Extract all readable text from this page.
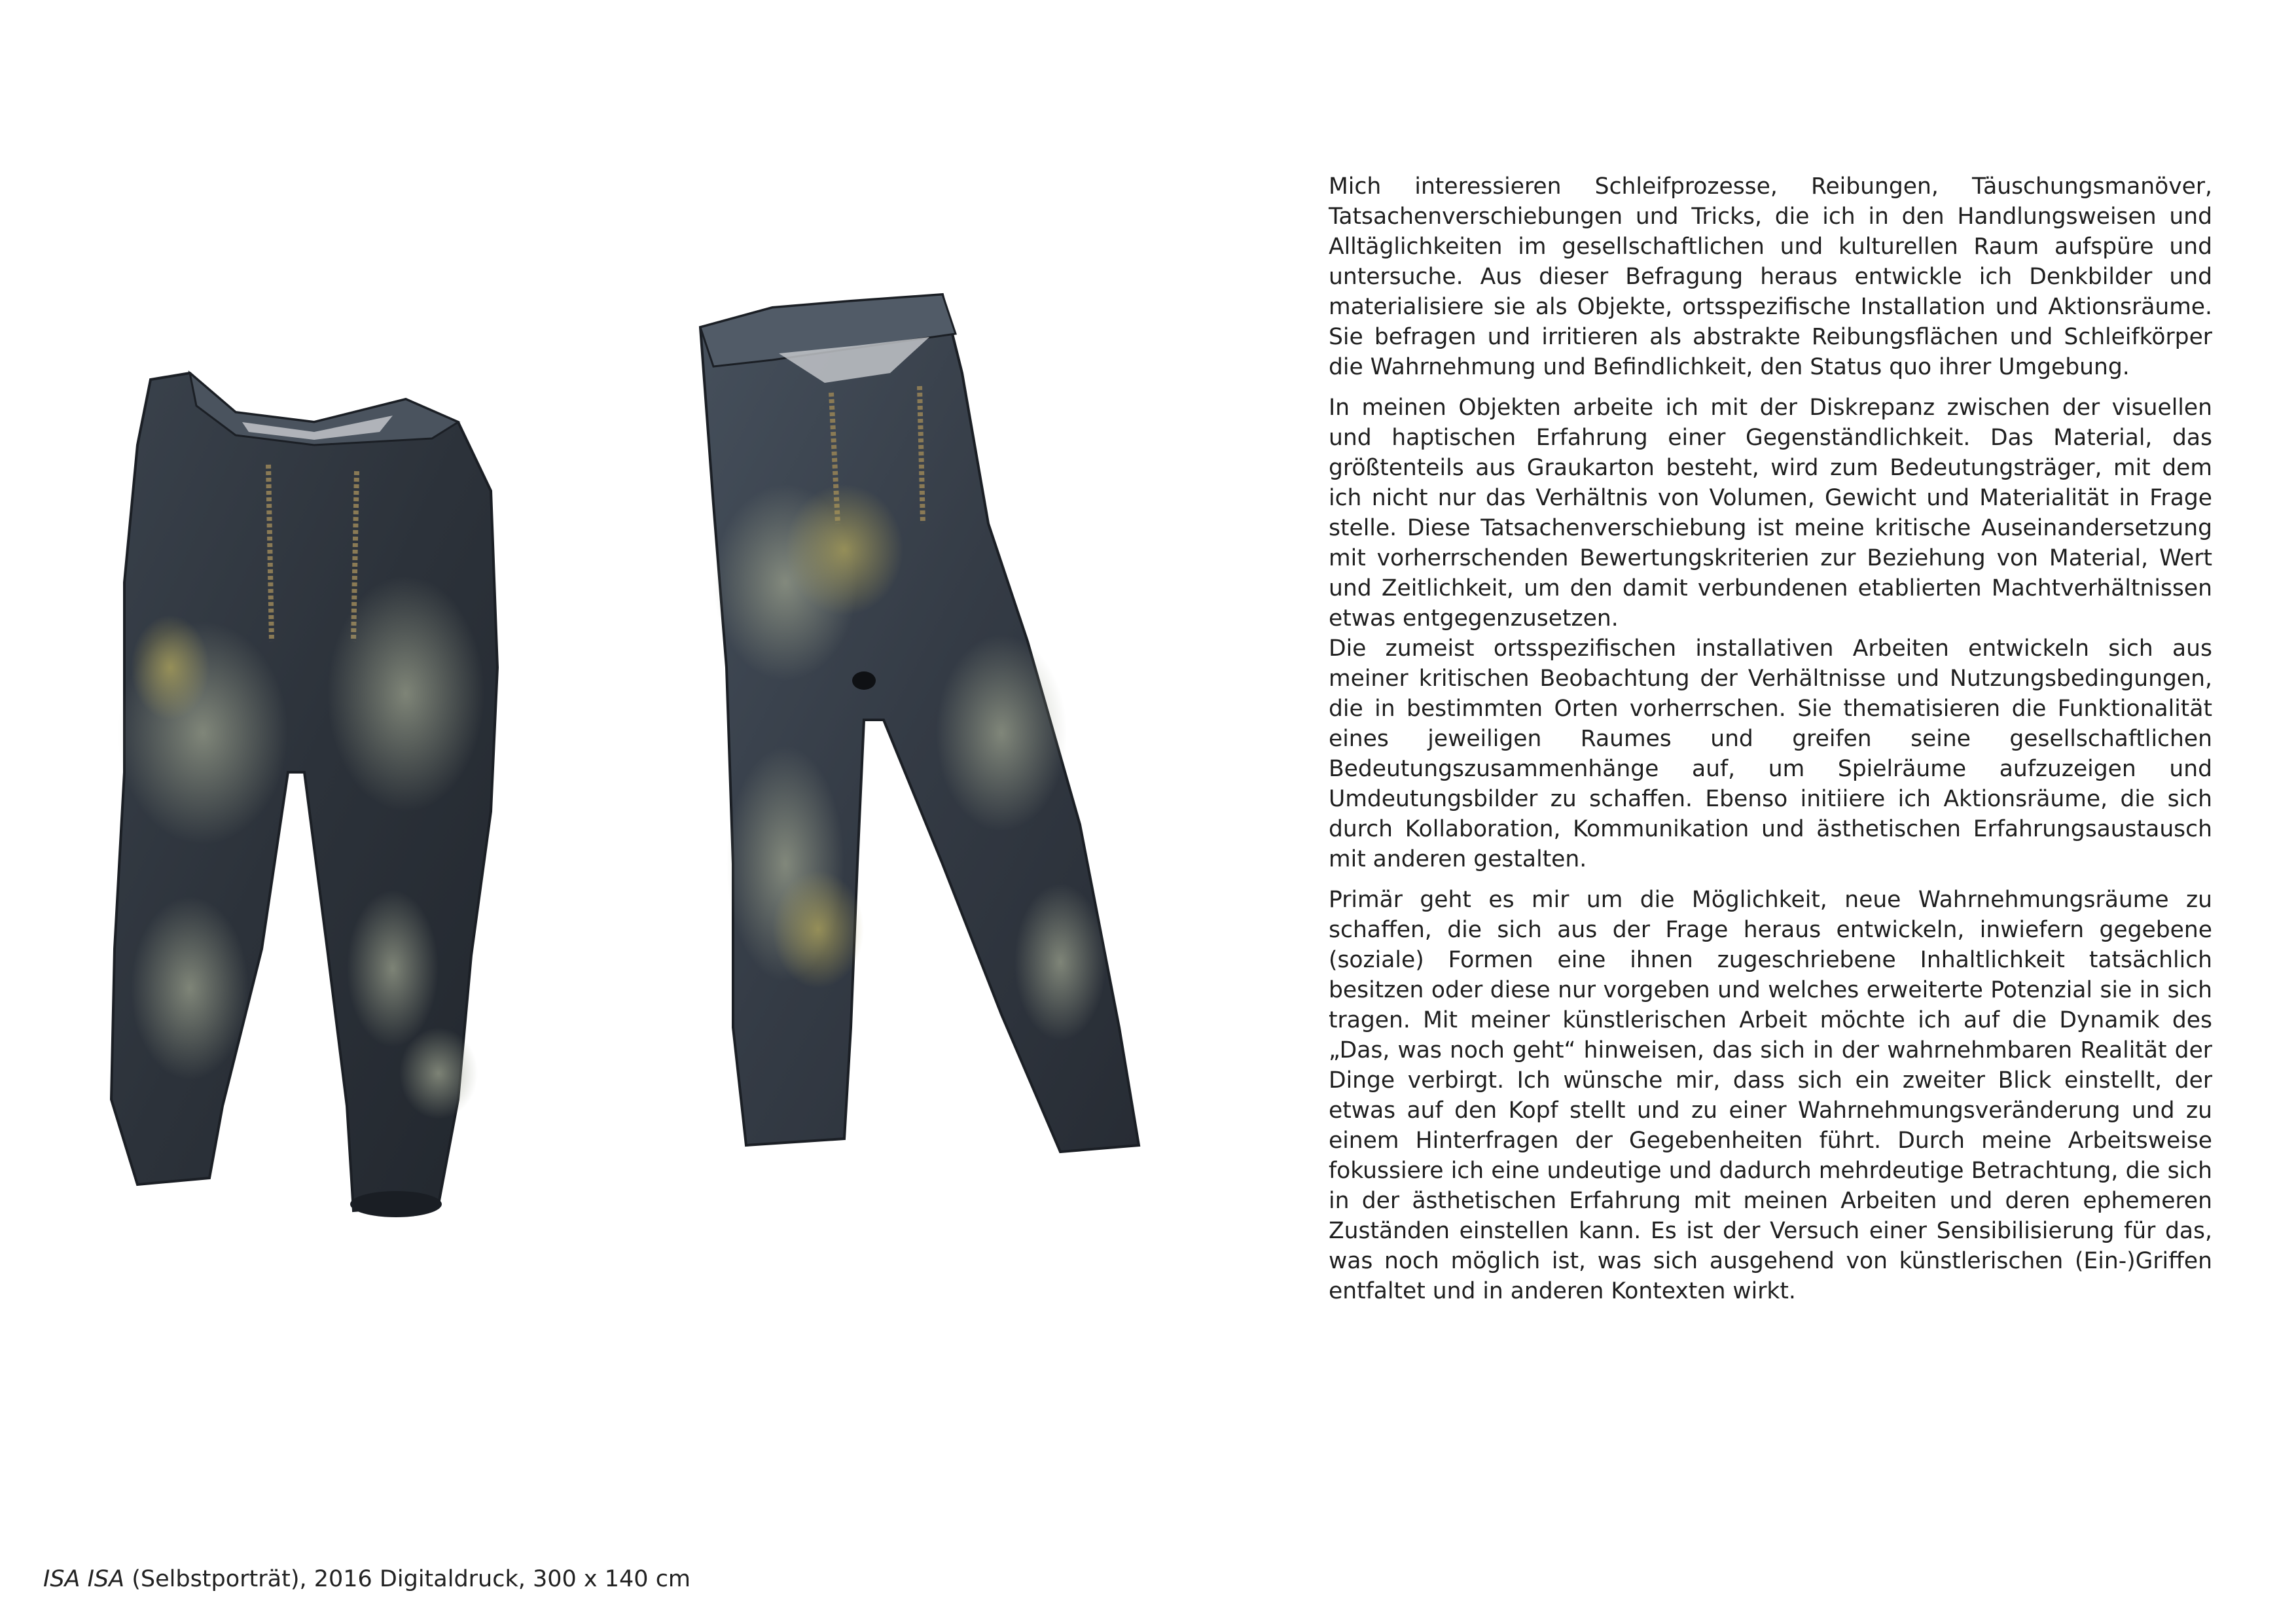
Mich interessieren Schleifprozesse, Reibungen, Täuschungsmanöver, Tatsachenverschiebungen und Tricks, die ich in den Handlungsweisen und Alltäglichkeiten im gesellschaftlichen und kulturellen Raum aufspüre und untersuche. Aus dieser Befragung heraus entwickle ich Denkbilder und materialisiere sie als Objekte, ortsspezifische Installation und Aktionsräume. Sie befragen und irritieren als abstrakte Reibungsflächen und Schleifkörper die Wahrnehmung und Befindlichkeit, den Status quo ihrer Umgebung.

In meinen Objekten arbeite ich mit der Diskrepanz zwischen der visuellen und haptischen Erfahrung einer Gegenständlichkeit. Das Material, das größtenteils aus Graukarton besteht, wird zum Bedeutungsträger, mit dem ich nicht nur das Verhältnis von Volumen, Gewicht und Materialität in Frage stelle. Diese Tatsachenverschiebung ist meine kritische Auseinandersetzung mit vorherrschenden Bewertungskriterien zur Beziehung von Material, Wert und Zeitlichkeit, um den damit verbundenen etablierten Machtverhältnissen etwas entgegenzusetzen.

Die zumeist ortsspezifischen installativen Arbeiten entwickeln sich aus meiner kritischen Beobachtung der Verhältnisse und Nutzungsbedingungen, die in bestimmten Orten vorherrschen. Sie thematisieren die Funktionalität eines jeweiligen Raumes und greifen seine gesellschaftlichen Bedeutungszusammenhänge auf, um Spielräume aufzuzeigen und Umdeutungsbilder zu schaffen. Ebenso initiiere ich Aktionsräume, die sich durch Kollaboration, Kommunikation und ästhetischen Erfahrungsaustausch mit anderen gestalten.

Primär geht es mir um die Möglichkeit, neue Wahrnehmungsräume zu schaffen, die sich aus der Frage heraus entwickeln, inwiefern gegebene (soziale) Formen eine ihnen zugeschriebene Inhaltlichkeit tatsächlich besitzen oder diese nur vorgeben und welches erweiterte Potenzial sie in sich tragen. Mit meiner künstlerischen Arbeit möchte ich auf die Dynamik des „Das, was noch geht“ hinweisen, das sich in der wahrnehmbaren Realität der Dinge verbirgt. Ich wünsche mir, dass sich ein zweiter Blick einstellt, der etwas auf den Kopf stellt und zu einer Wahrnehmungsveränderung und zu einem Hinterfragen der Gegebenheiten führt. Durch meine Arbeitsweise fokussiere ich eine undeutige und dadurch mehrdeutige Betrachtung, die sich in der ästhetischen Erfahrung mit meinen Arbeiten und deren ephemeren Zuständen einstellen kann. Es ist der Versuch einer Sensibilisierung für das, was noch möglich ist, was sich ausgehend von künstlerischen (Ein-)Griffen entfaltet und in anderen Kontexten wirkt.

ISA ISA (Selbstporträt), 2016 Digitaldruck, 300 x 140 cm
